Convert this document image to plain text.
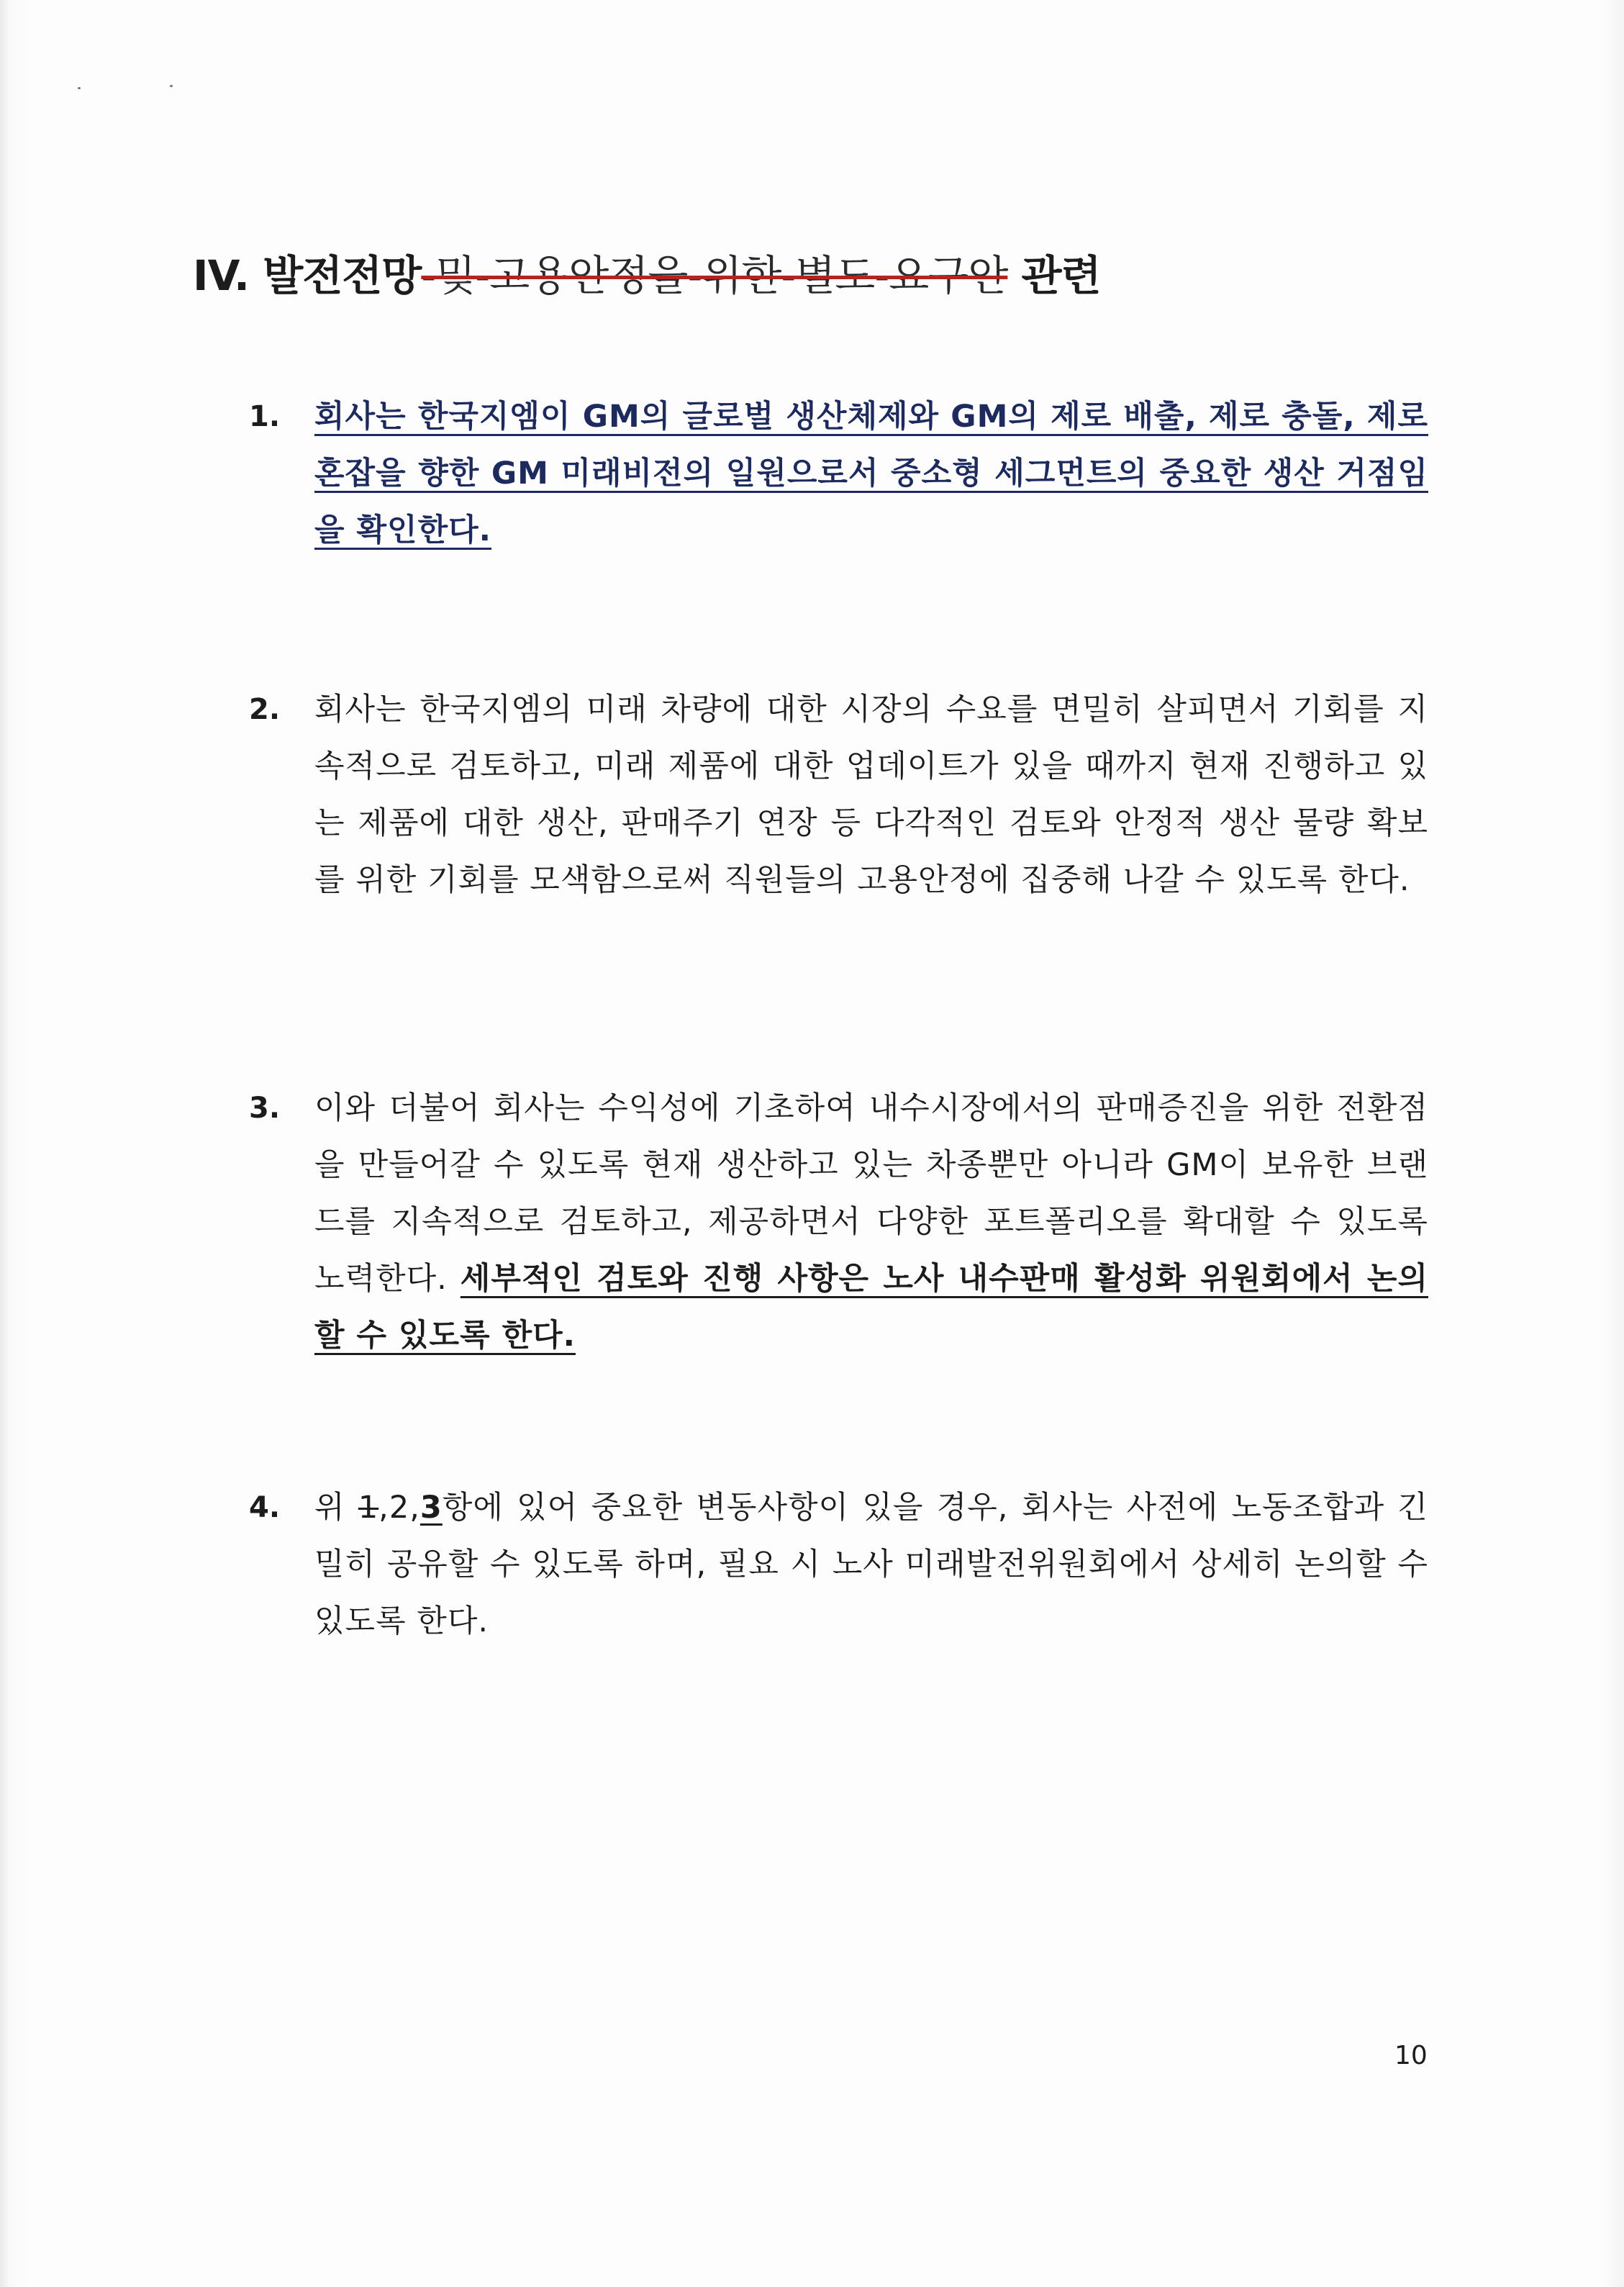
IV. 발전전망-및-고용안정을-위한-별도-요구안 관련
1. 회사는 한국지엠이 GM의 글로벌 생산체제와 GM의 제로 배출, 제로 충돌, 제로 혼잡을 향한 GM 미래비전의 일원으로서 중소형 세그먼트의 중요한 생산 거점임을 확인한다.
2. 회사는 한국지엠의 미래 차량에 대한 시장의 수요를 면밀히 살피면서 기회를 지속적으로 검토하고, 미래 제품에 대한 업데이트가 있을 때까지 현재 진행하고 있는 제품에 대한 생산, 판매주기 연장 등 다각적인 검토와 안정적 생산 물량 확보를 위한 기회를 모색함으로써 직원들의 고용안정에 집중해 나갈 수 있도록 한다.
3. 이와 더불어 회사는 수익성에 기초하여 내수시장에서의 판매증진을 위한 전환점을 만들어갈 수 있도록 현재 생산하고 있는 차종뿐만 아니라 GM이 보유한 브랜드를 지속적으로 검토하고, 제공하면서 다양한 포트폴리오를 확대할 수 있도록 노력한다. 세부적인 검토와 진행 사항은 노사 내수판매 활성화 위원회에서 논의할 수 있도록 한다.
4. 위 1,2,3항에 있어 중요한 변동사항이 있을 경우, 회사는 사전에 노동조합과 긴밀히 공유할 수 있도록 하며, 필요 시 노사 미래발전위원회에서 상세히 논의할 수 있도록 한다.
10
